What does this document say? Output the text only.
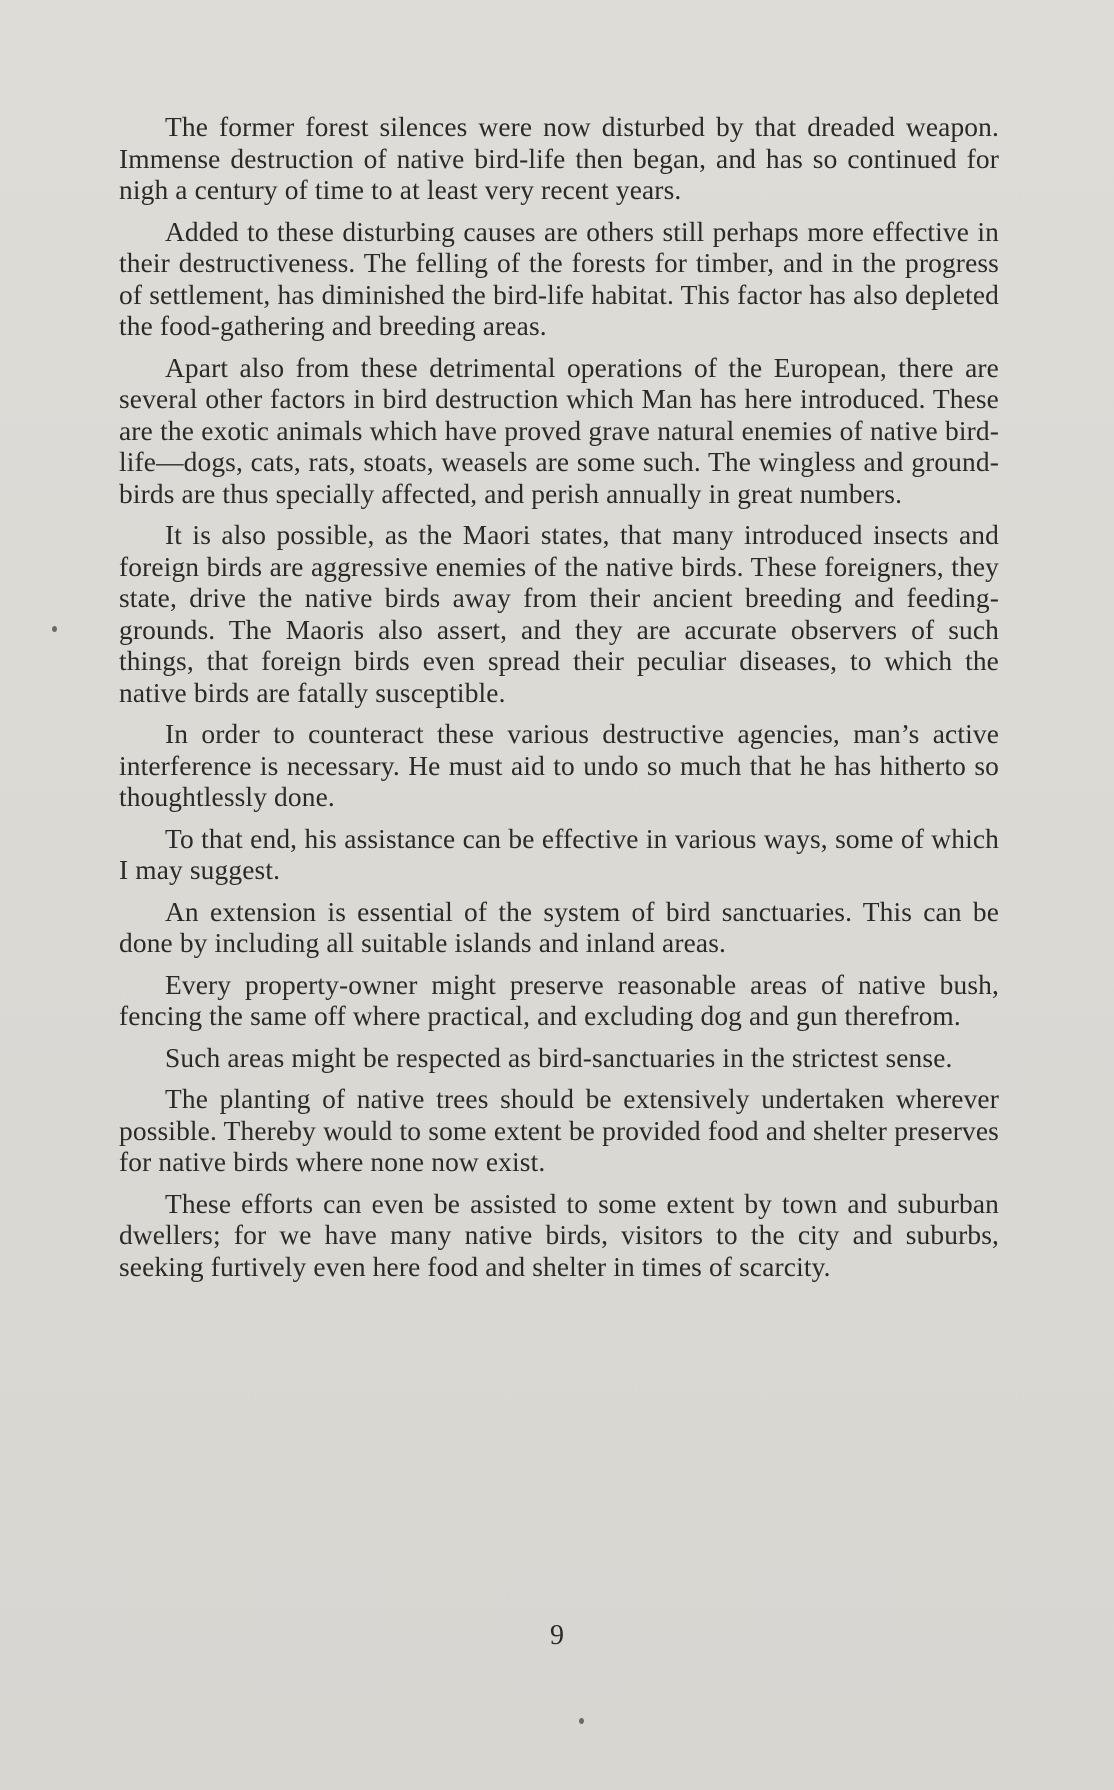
The former forest silences were now disturbed by that dreaded weapon. Immense destruction of native bird-life then began, and has so continued for nigh a century of time to at least very recent years.

Added to these disturbing causes are others still perhaps more effective in their destructiveness. The felling of the forests for timber, and in the progress of settlement, has diminished the bird-life habitat. This factor has also depleted the food-gathering and breeding areas.

Apart also from these detrimental operations of the European, there are several other factors in bird destruction which Man has here introduced. These are the exotic animals which have proved grave natural enemies of native bird-life—dogs, cats, rats, stoats, weasels are some such. The wingless and ground-birds are thus specially affected, and perish annually in great numbers.

It is also possible, as the Maori states, that many introduced insects and foreign birds are aggressive enemies of the native birds. These foreigners, they state, drive the native birds away from their ancient breeding and feeding-grounds. The Maoris also assert, and they are accurate observers of such things, that foreign birds even spread their peculiar diseases, to which the native birds are fatally susceptible.

In order to counteract these various destructive agencies, man’s active interference is necessary. He must aid to undo so much that he has hitherto so thoughtlessly done.

To that end, his assistance can be effective in various ways, some of which I may suggest.

An extension is essential of the system of bird sanctuaries. This can be done by including all suitable islands and inland areas.

Every property-owner might preserve reasonable areas of native bush, fencing the same off where practical, and excluding dog and gun therefrom.

Such areas might be respected as bird-sanctuaries in the strictest sense.

The planting of native trees should be extensively undertaken wherever possible. Thereby would to some extent be provided food and shelter preserves for native birds where none now exist.

These efforts can even be assisted to some extent by town and suburban dwellers; for we have many native birds, visitors to the city and suburbs, seeking furtively even here food and shelter in times of scarcity.

9
